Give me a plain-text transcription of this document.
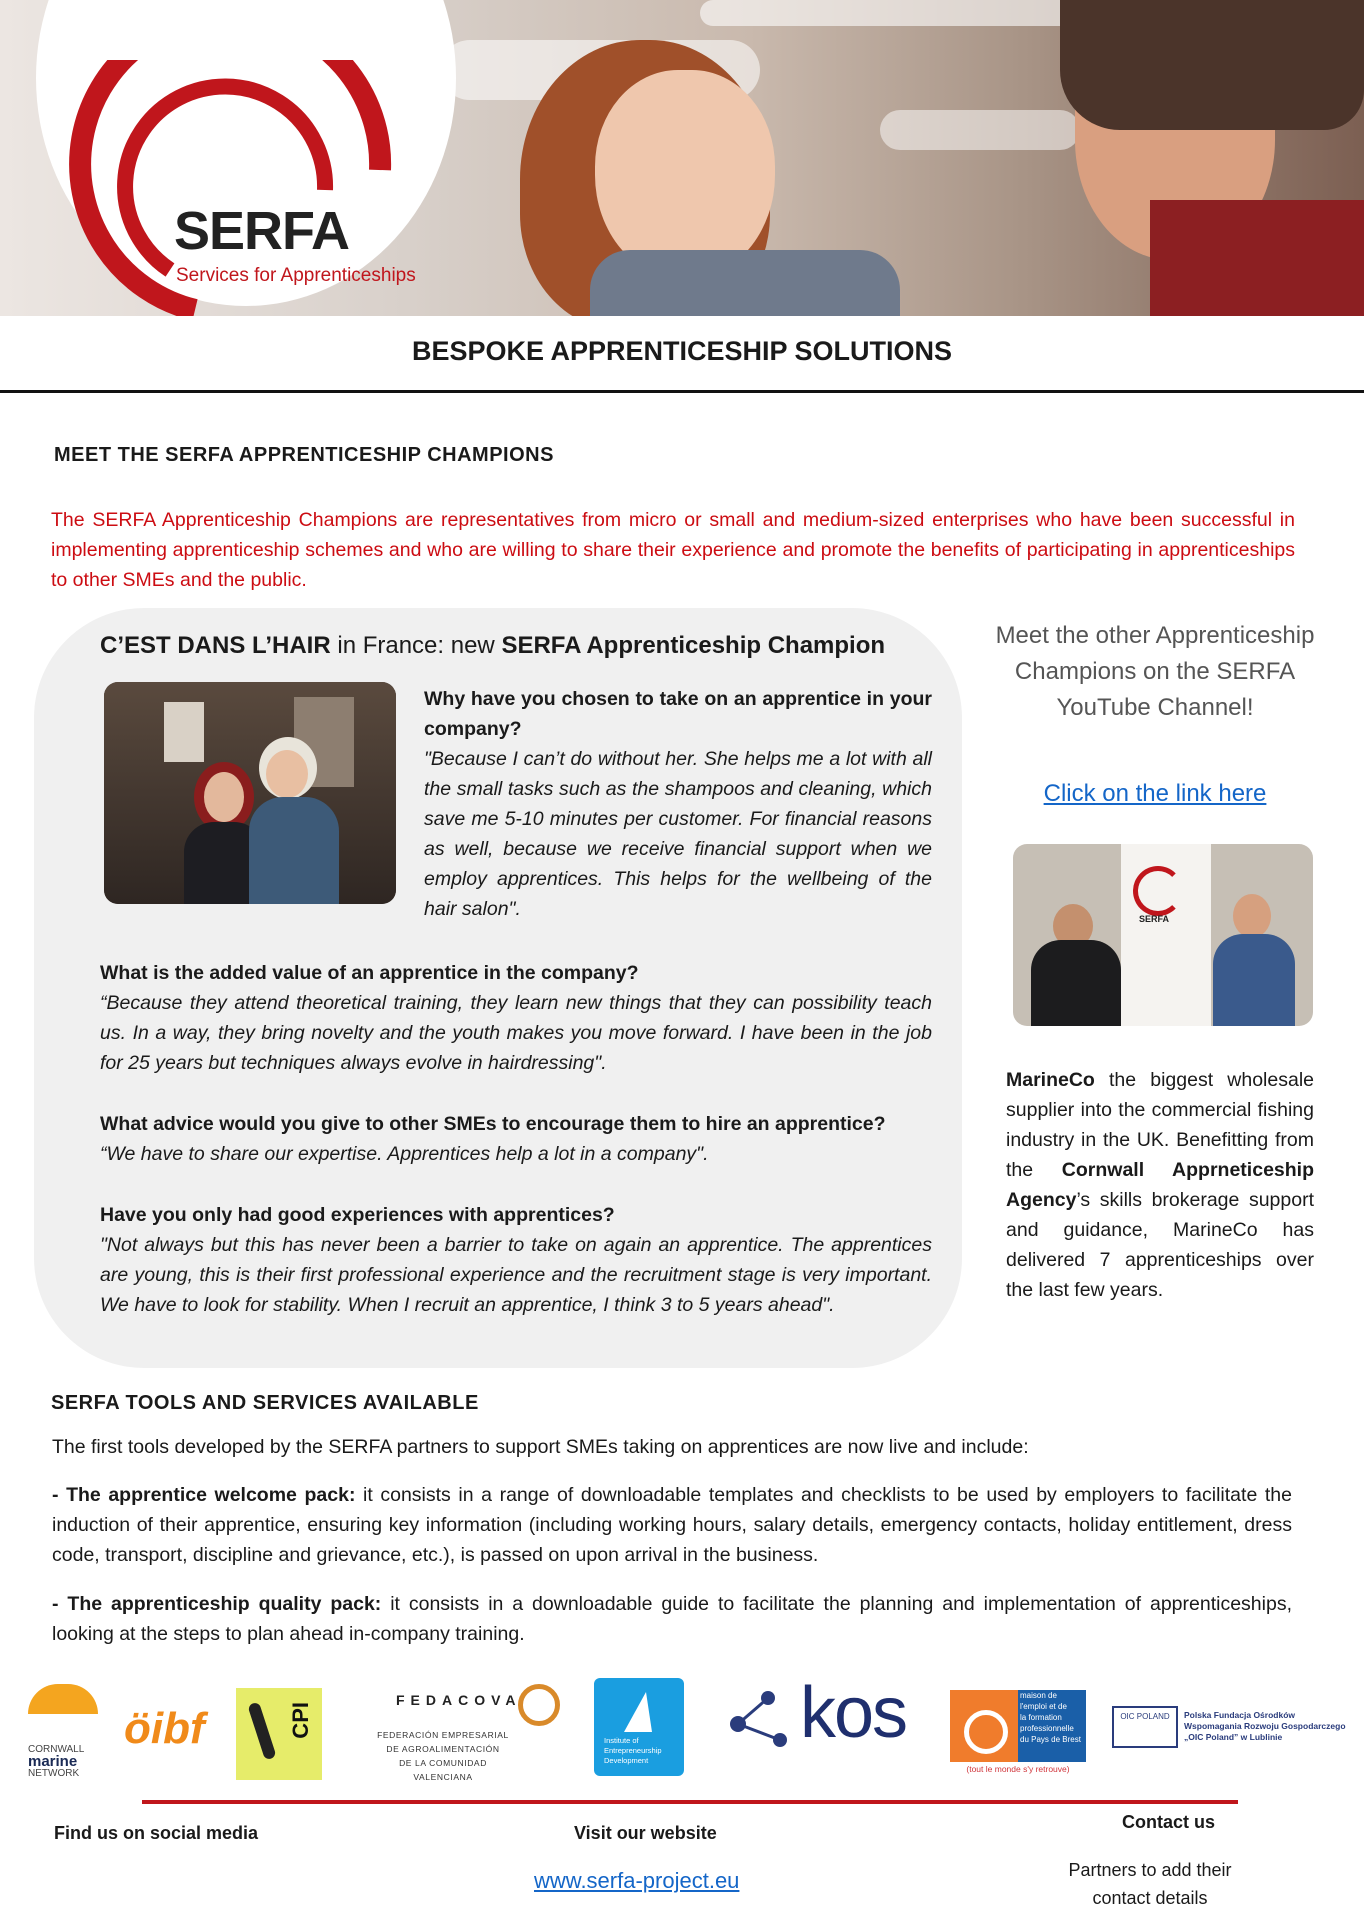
SERFA
Services for Apprenticeships
BESPOKE APPRENTICESHIP SOLUTIONS
MEET THE SERFA APPRENTICESHIP CHAMPIONS
The SERFA Apprenticeship Champions are representatives from micro or small and medium-sized enterprises who have been successful in implementing apprenticeship schemes and who are willing to share their experience and promote the benefits of participating in apprenticeships to other SMEs and the public.
C’EST DANS L’HAIR in France: new SERFA Apprenticeship Champion
Why have you chosen to take on an apprentice in your company?
"Because I can’t do without her. She helps me a lot with all the small tasks such as the shampoos and cleaning, which save me 5-10 minutes per customer. For financial reasons as well, because we receive financial support when we employ apprentices. This helps for the wellbeing of the hair salon".
What is the added value of an apprentice in the company?
“Because they attend theoretical training, they learn new things that they can possibility teach us. In a way, they bring novelty and the youth makes you move forward. I have been in the job for 25 years but techniques always evolve in hairdressing".
What advice would you give to other SMEs to encourage them to hire an apprentice?
“We have to share our expertise. Apprentices help a lot in a company".
Have you only had good experiences with apprentices?
"Not always but this has never been a barrier to take on again an apprentice. The apprentices are young, this is their first professional experience and the recruitment stage is very important. We have to look for stability. When I recruit an apprentice, I think 3 to 5 years ahead".
Meet the other Apprenticeship Champions on the SERFA YouTube Channel!
Click on the link here
SERFA
MarineCo the biggest wholesale supplier into the commercial fishing industry in the UK. Benefitting from the Cornwall Apprneticeship Agency’s skills brokerage support and guidance, MarineCo has delivered 7 apprenticeships over the last few years.
SERFA TOOLS AND SERVICES AVAILABLE
The first tools developed by the SERFA partners to support SMEs taking on apprentices are now live and include:
- The apprentice welcome pack: it consists in a range of downloadable templates and checklists to be used by employers to facilitate the induction of their apprentice, ensuring key information (including working hours, salary details, emergency contacts, holiday entitlement, dress code, transport, discipline and grievance, etc.), is passed on upon arrival in the business.
- The apprenticeship quality pack: it consists in a downloadable guide to facilitate the planning and implementation of apprenticeships, looking at the steps to plan ahead in-company training.
CORNWALL
marine
NETWORK
öibf	CPI
FEDACOVA
FEDERACIÓN EMPRESARIAL
DE AGROALIMENTACIÓN
DE LA COMUNIDAD VALENCIANA
Institute of Entrepreneurship Development
kos	maison de
l'emploi et de
la formation
professionnelle
du Pays de Brest
(tout le monde s'y retrouve)
OIC POLAND	Polska Fundacja Ośrodków
Wspomagania Rozwoju Gospodarczego
„OIC Poland” w Lublinie
Find us on social media	Visit our website
www.serfa-project.eu
Contact us
Partners to add their contact details
